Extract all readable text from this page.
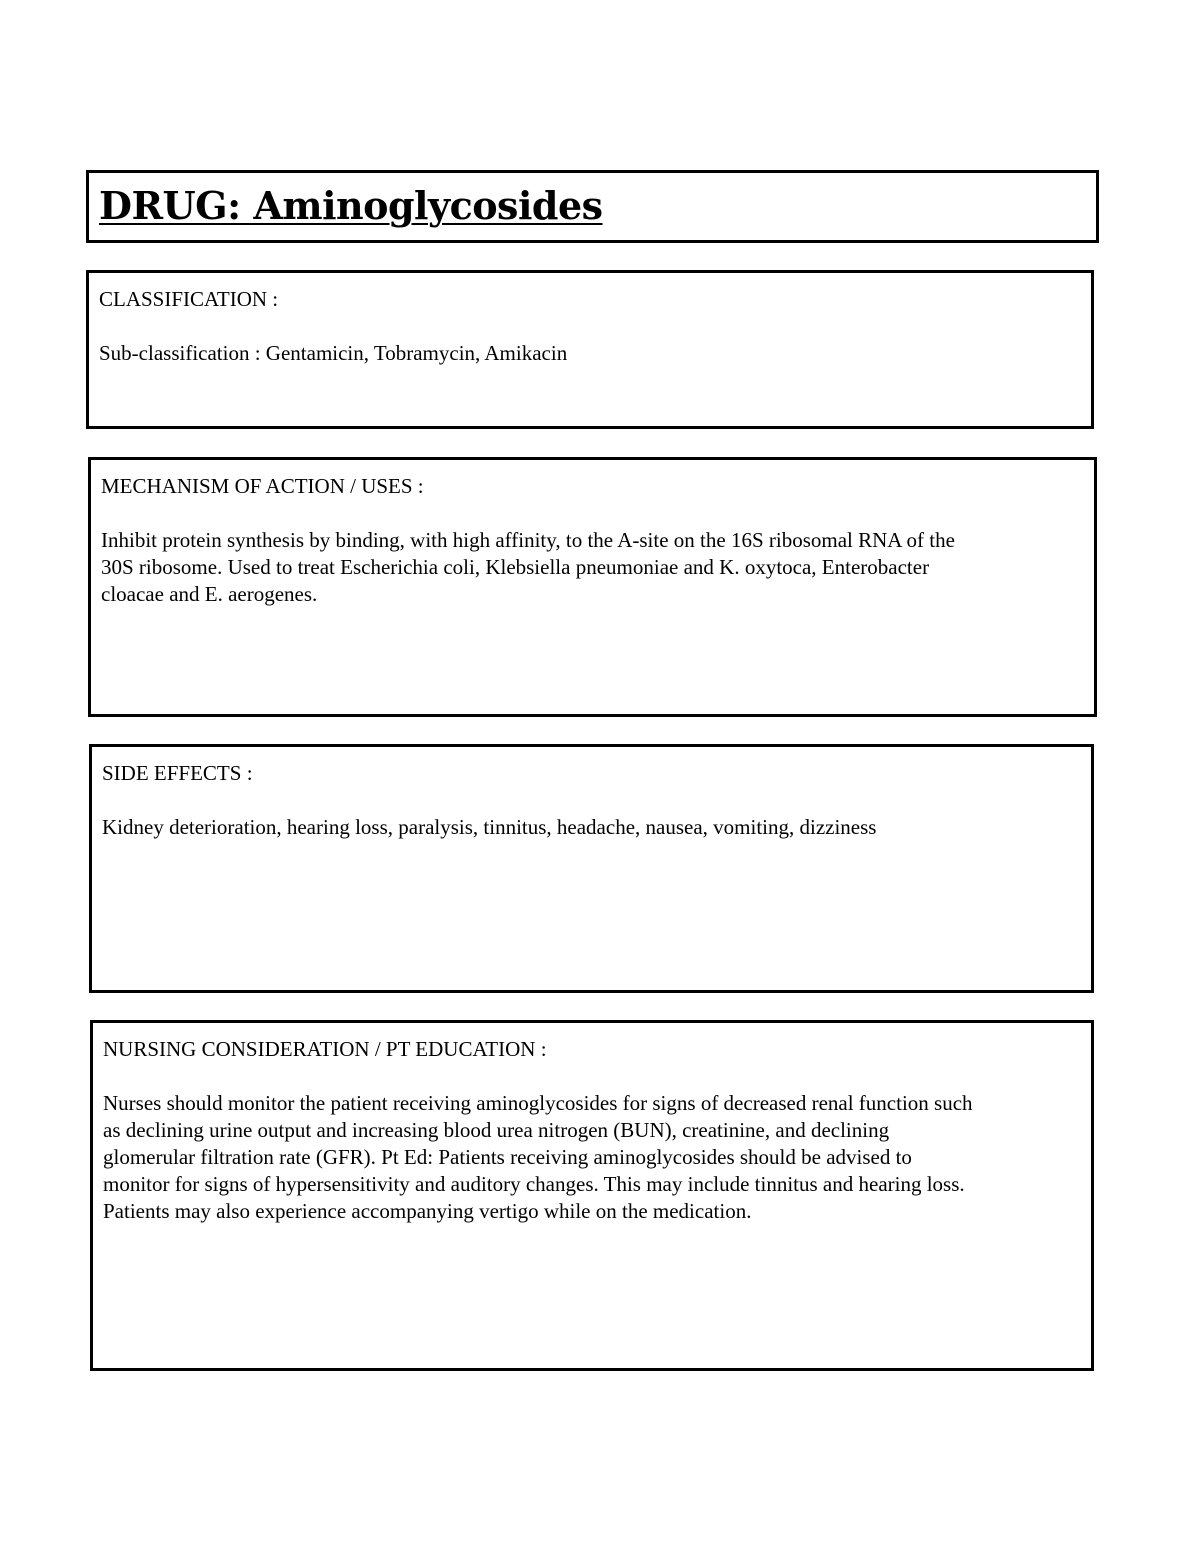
DRUG: Aminoglycosides
CLASSIFICATION :
Sub-classification : Gentamicin, Tobramycin, Amikacin
MECHANISM OF ACTION / USES :
Inhibit protein synthesis by binding, with high affinity, to the A-site on the 16S ribosomal RNA of the
30S ribosome. Used to treat Escherichia coli, Klebsiella pneumoniae and K. oxytoca, Enterobacter
cloacae and E. aerogenes.
SIDE EFFECTS :
Kidney deterioration, hearing loss, paralysis, tinnitus, headache, nausea, vomiting, dizziness
NURSING CONSIDERATION / PT EDUCATION :
Nurses should monitor the patient receiving aminoglycosides for signs of decreased renal function such
as declining urine output and increasing blood urea nitrogen (BUN), creatinine, and declining
glomerular filtration rate (GFR). Pt Ed: Patients receiving aminoglycosides should be advised to
monitor for signs of hypersensitivity and auditory changes. This may include tinnitus and hearing loss.
Patients may also experience accompanying vertigo while on the medication.
